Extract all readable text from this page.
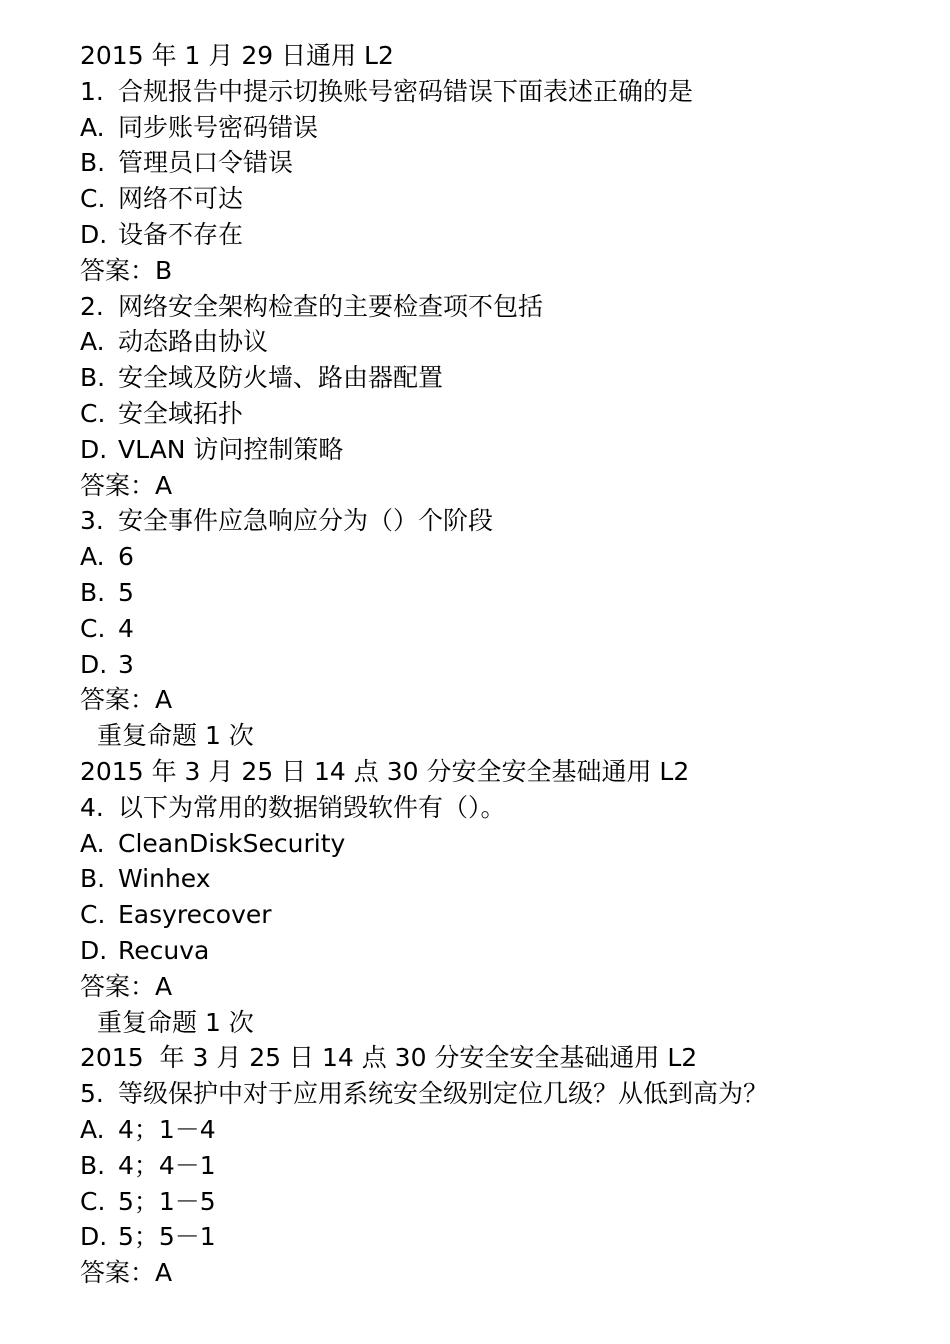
2015 年 1 月 29 日通用 L2
1. 合规报告中提示切换账号密码错误下面表述正确的是
A. 同步账号密码错误
B. 管理员口令错误
C. 网络不可达
D. 设备不存在
答案：B
2. 网络安全架构检查的主要检查项不包括
A. 动态路由协议
B. 安全域及防火墙、路由器配置
C. 安全域拓扑
D. VLAN 访问控制策略
答案：A
3. 安全事件应急响应分为（）个阶段
A. 6
B. 5
C. 4
D. 3
答案：A
重复命题 1 次
2015 年 3 月 25 日 14 点 30 分安全安全基础通用 L2
4. 以下为常用的数据销毁软件有（）。
A. CleanDiskSecurity
B. Winhex
C. Easyrecover
D. Recuva
答案：A
重复命题 1 次
2015  年 3 月 25 日 14 点 30 分安全安全基础通用 L2
5. 等级保护中对于应用系统安全级别定位几级？从低到高为？
A. 4；1－4
B. 4；4－1
C. 5；1－5
D. 5；5－1
答案：A
